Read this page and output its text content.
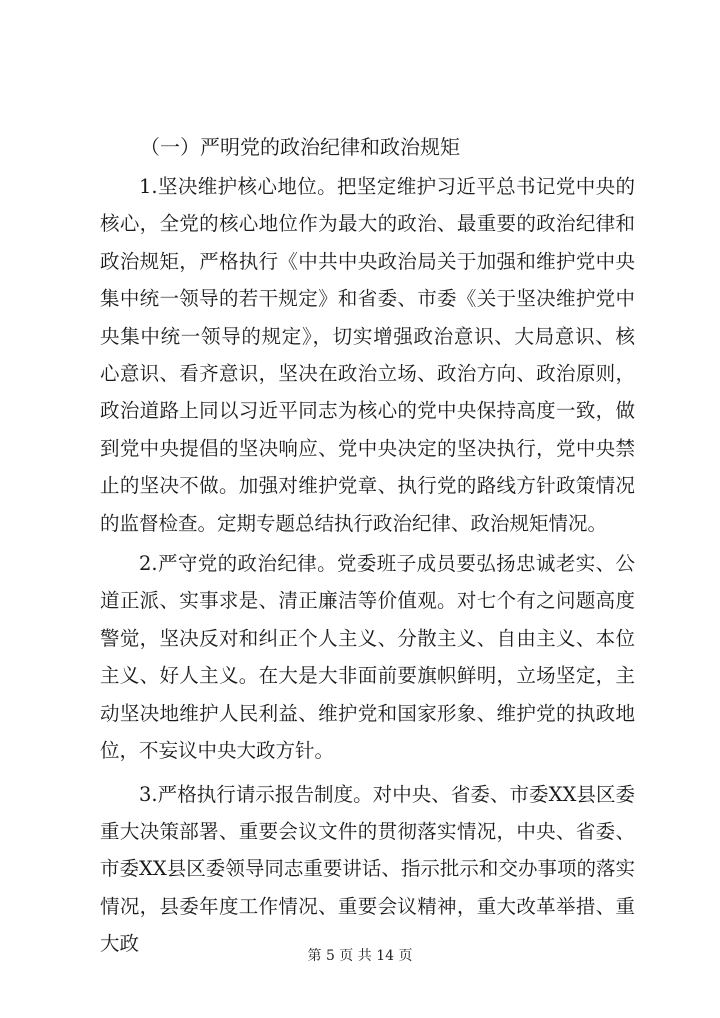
（一）严明党的政治纪律和政治规矩

1.坚决维护核心地位。把坚定维护习近平总书记党中央的核心，全党的核心地位作为最大的政治、最重要的政治纪律和政治规矩，严格执行《中共中央政治局关于加强和维护党中央集中统一领导的若干规定》和省委、市委《关于坚决维护党中央集中统一领导的规定》，切实增强政治意识、大局意识、核心意识、看齐意识，坚决在政治立场、政治方向、政治原则，政治道路上同以习近平同志为核心的党中央保持高度一致，做到党中央提倡的坚决响应、党中央决定的坚决执行，党中央禁止的坚决不做。加强对维护党章、执行党的路线方针政策情况的监督检查。定期专题总结执行政治纪律、政治规矩情况。

2.严守党的政治纪律。党委班子成员要弘扬忠诚老实、公道正派、实事求是、清正廉洁等价值观。对七个有之问题高度警觉，坚决反对和纠正个人主义、分散主义、自由主义、本位主义、好人主义。在大是大非面前要旗帜鲜明，立场坚定，主动坚决地维护人民利益、维护党和国家形象、维护党的执政地位，不妄议中央大政方针。

3.严格执行请示报告制度。对中央、省委、市委XX县区委重大决策部署、重要会议文件的贯彻落实情况，中央、省委、市委XX县区委领导同志重要讲话、指示批示和交办事项的落实情况，县委年度工作情况、重要会议精神，重大改革举措、重大政

第 5 页 共 14 页
